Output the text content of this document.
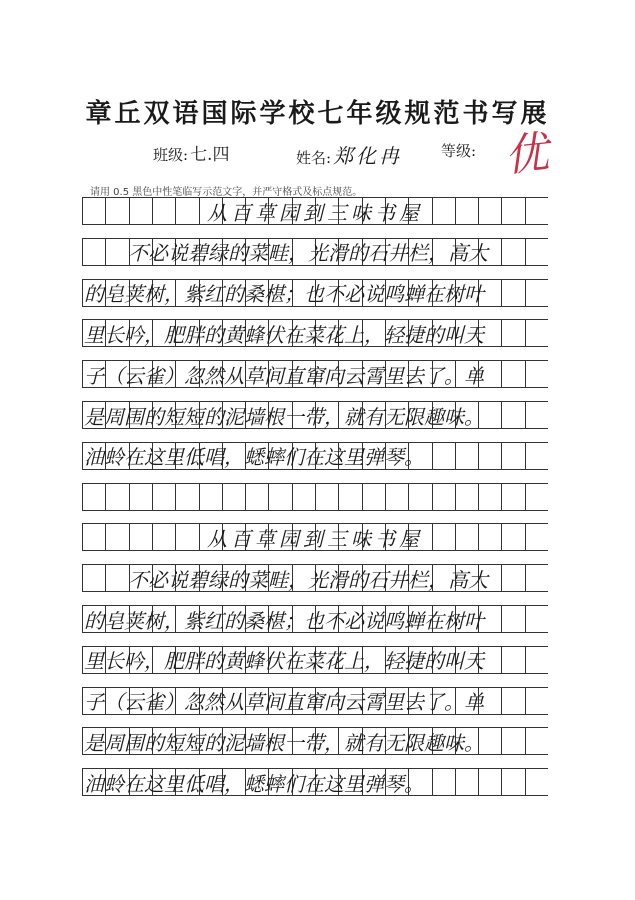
章丘双语国际学校七年级规范书写展
班级: 七.四	姓名: 郑化冉	等级: 优
请用 0.5 黑色中性笔临写示范文字，并严守格式及标点规范。
从百草园到三味书屋
不必说碧绿的菜畦，光滑的石井栏，高大
的皂荚树，紫红的桑椹；也不必说鸣蝉在树叶
里长吟，肥胖的黄蜂伏在菜花上，轻捷的叫天
子（云雀）忽然从草间直窜向云霄里去了。单
是周围的短短的泥墙根一带，就有无限趣味。
油蛉在这里低唱，蟋蟀们在这里弹琴。
从百草园到三味书屋
不必说碧绿的菜畦，光滑的石井栏，高大
的皂荚树，紫红的桑椹；也不必说鸣蝉在树叶
里长吟，肥胖的黄蜂伏在菜花上，轻捷的叫天
子（云雀）忽然从草间直窜向云霄里去了。单
是周围的短短的泥墙根一带，就有无限趣味。
油蛉在这里低唱，蟋蟀们在这里弹琴。
